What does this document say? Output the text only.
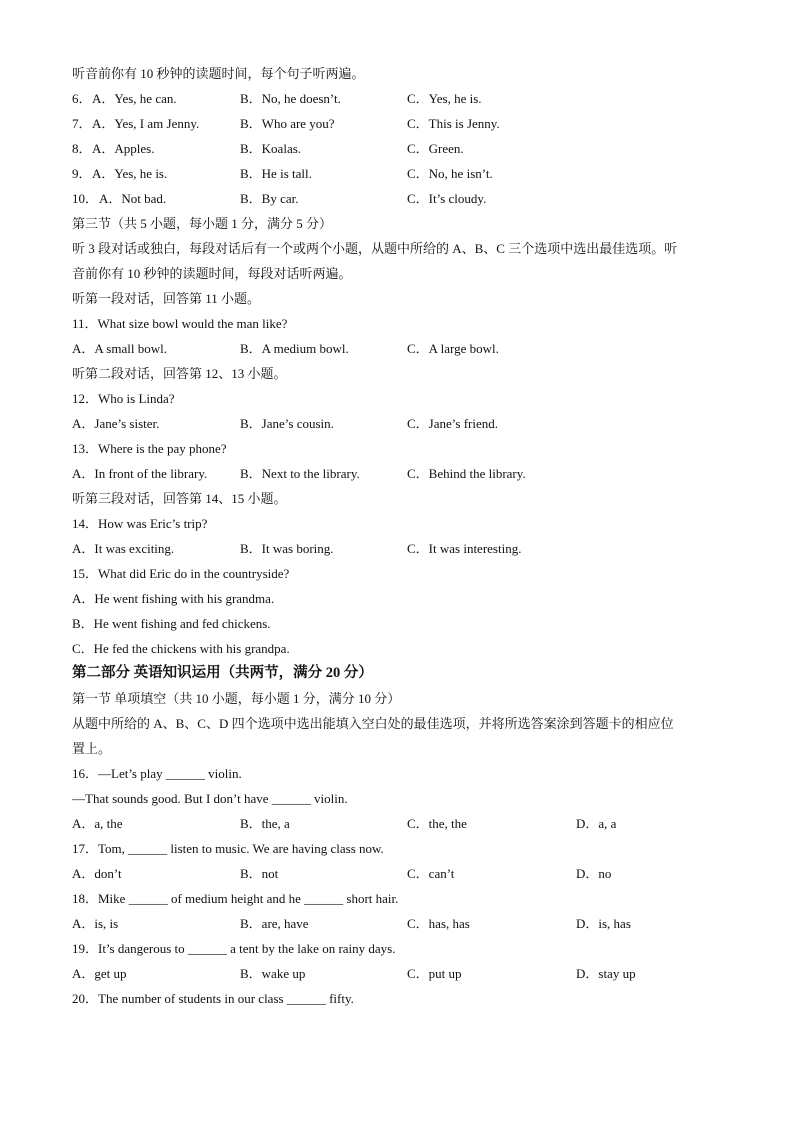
听音前你有 10 秒钟的读题时间，每个句子听两遍。
6． A．Yes, he can.	B．No, he doesn’t.	C．Yes, he is.
7． A．Yes, I am Jenny.	B．Who are you?	C．This is Jenny.
8． A．Apples.	B．Koalas.	C．Green.
9． A．Yes, he is.	B．He is tall.	C．No, he isn’t.
10． A．Not bad.	B．By car.	C．It’s cloudy.
第三节（共 5 小题，每小题 1 分，满分 5 分）
听 3 段对话或独白，每段对话后有一个或两个小题，从题中所给的 A、B、C 三个选项中选出最佳选项。听
音前你有 10 秒钟的读题时间，每段对话听两遍。
听第一段对话，回答第 11 小题。
11．What size bowl would the man like?
A．A small bowl.	B．A medium bowl.	C．A large bowl.
听第二段对话，回答第 12、13 小题。
12．Who is Linda?
A．Jane’s sister.	B．Jane’s cousin.	C．Jane’s friend.
13．Where is the pay phone?
A．In front of the library.	B．Next to the library.	C．Behind the library.
听第三段对话，回答第 14、15 小题。
14．How was Eric’s trip?
A．It was exciting.	B．It was boring.	C．It was interesting.
15．What did Eric do in the countryside?
A．He went fishing with his grandma.
B．He went fishing and fed chickens.
C．He fed the chickens with his grandpa.
第二部分 英语知识运用（共两节，满分 20 分）
第一节 单项填空（共 10 小题，每小题 1 分，满分 10 分）
从题中所给的 A、B、C、D 四个选项中选出能填入空白处的最佳选项，并将所选答案涂到答题卡的相应位
置上。
16．—Let’s play ______ violin.
—That sounds good. But I don’t have ______ violin.
A．a, the	B．the, a	C．the, the	D．a, a
17．Tom, ______ listen to music. We are having class now.
A．don’t	B．not	C．can’t	D．no
18．Mike ______ of medium height and he ______ short hair.
A．is, is	B．are, have	C．has, has	D．is, has
19．It’s dangerous to ______ a tent by the lake on rainy days.
A．get up	B．wake up	C．put up	D．stay up
20．The number of students in our class ______ fifty.
